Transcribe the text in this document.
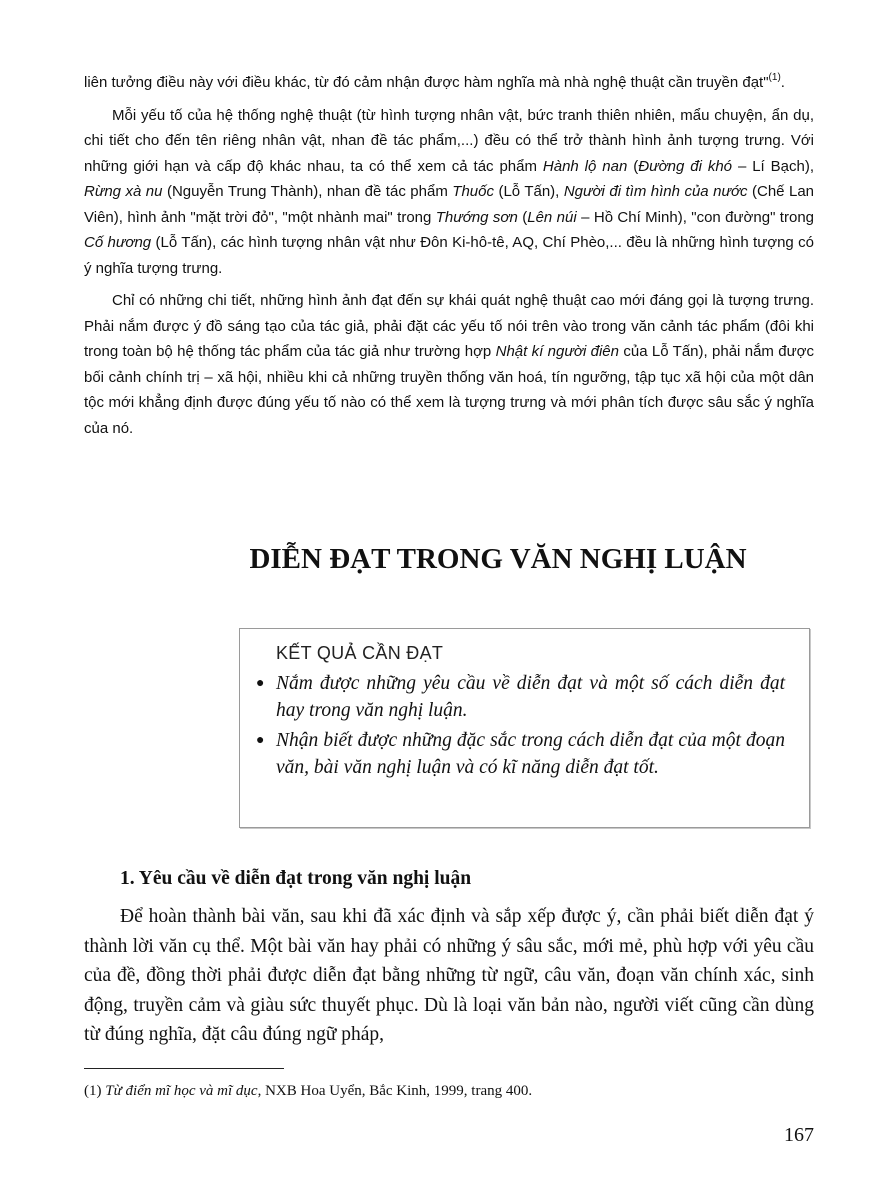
liên tưởng điều này với điều khác, từ đó cảm nhận được hàm nghĩa mà nhà nghệ thuật cần truyền đạt"$^{(1)}$.

Mỗi yếu tố của hệ thống nghệ thuật (từ hình tượng nhân vật, bức tranh thiên nhiên, mẩu chuyện, ẩn dụ, chi tiết cho đến tên riêng nhân vật, nhan đề tác phẩm,...) đều có thể trở thành hình ảnh tượng trưng. Với những giới hạn và cấp độ khác nhau, ta có thể xem cả tác phẩm Hành lộ nan (Đường đi khó – Lí Bạch), Rừng xà nu (Nguyễn Trung Thành), nhan đề tác phẩm Thuốc (Lỗ Tấn), Người đi tìm hình của nước (Chế Lan Viên), hình ảnh "mặt trời đỏ", "một nhành mai" trong Thướng sơn (Lên núi – Hồ Chí Minh), "con đường" trong Cố hương (Lỗ Tấn), các hình tượng nhân vật như Đôn Ki-hô-tê, AQ, Chí Phèo,... đều là những hình tượng có ý nghĩa tượng trưng.

Chỉ có những chi tiết, những hình ảnh đạt đến sự khái quát nghệ thuật cao mới đáng gọi là tượng trưng. Phải nắm được ý đồ sáng tạo của tác giả, phải đặt các yếu tố nói trên vào trong văn cảnh tác phẩm (đôi khi trong toàn bộ hệ thống tác phẩm của tác giả như trường hợp Nhật kí người điên của Lỗ Tấn), phải nắm được bối cảnh chính trị – xã hội, nhiều khi cả những truyền thống văn hoá, tín ngưỡng, tập tục xã hội của một dân tộc mới khẳng định được đúng yếu tố nào có thể xem là tượng trưng và mới phân tích được sâu sắc ý nghĩa của nó.

DIỄN ĐẠT TRONG VĂN NGHỊ LUẬN
KẾT QUẢ CẦN ĐẠT
● Nắm được những yêu cầu về diễn đạt và một số cách diễn đạt hay trong văn nghị luận.
● Nhận biết được những đặc sắc trong cách diễn đạt của một đoạn văn, bài văn nghị luận và có kĩ năng diễn đạt tốt.
1. Yêu cầu về diễn đạt trong văn nghị luận

Để hoàn thành bài văn, sau khi đã xác định và sắp xếp được ý, cần phải biết diễn đạt ý thành lời văn cụ thể. Một bài văn hay phải có những ý sâu sắc, mới mẻ, phù hợp với yêu cầu của đề, đồng thời phải được diễn đạt bằng những từ ngữ, câu văn, đoạn văn chính xác, sinh động, truyền cảm và giàu sức thuyết phục. Dù là loại văn bản nào, người viết cũng cần dùng từ đúng nghĩa, đặt câu đúng ngữ pháp,

(1) Từ điển mĩ học và mĩ dục, NXB Hoa Uyển, Bắc Kinh, 1999, trang 400.

167
